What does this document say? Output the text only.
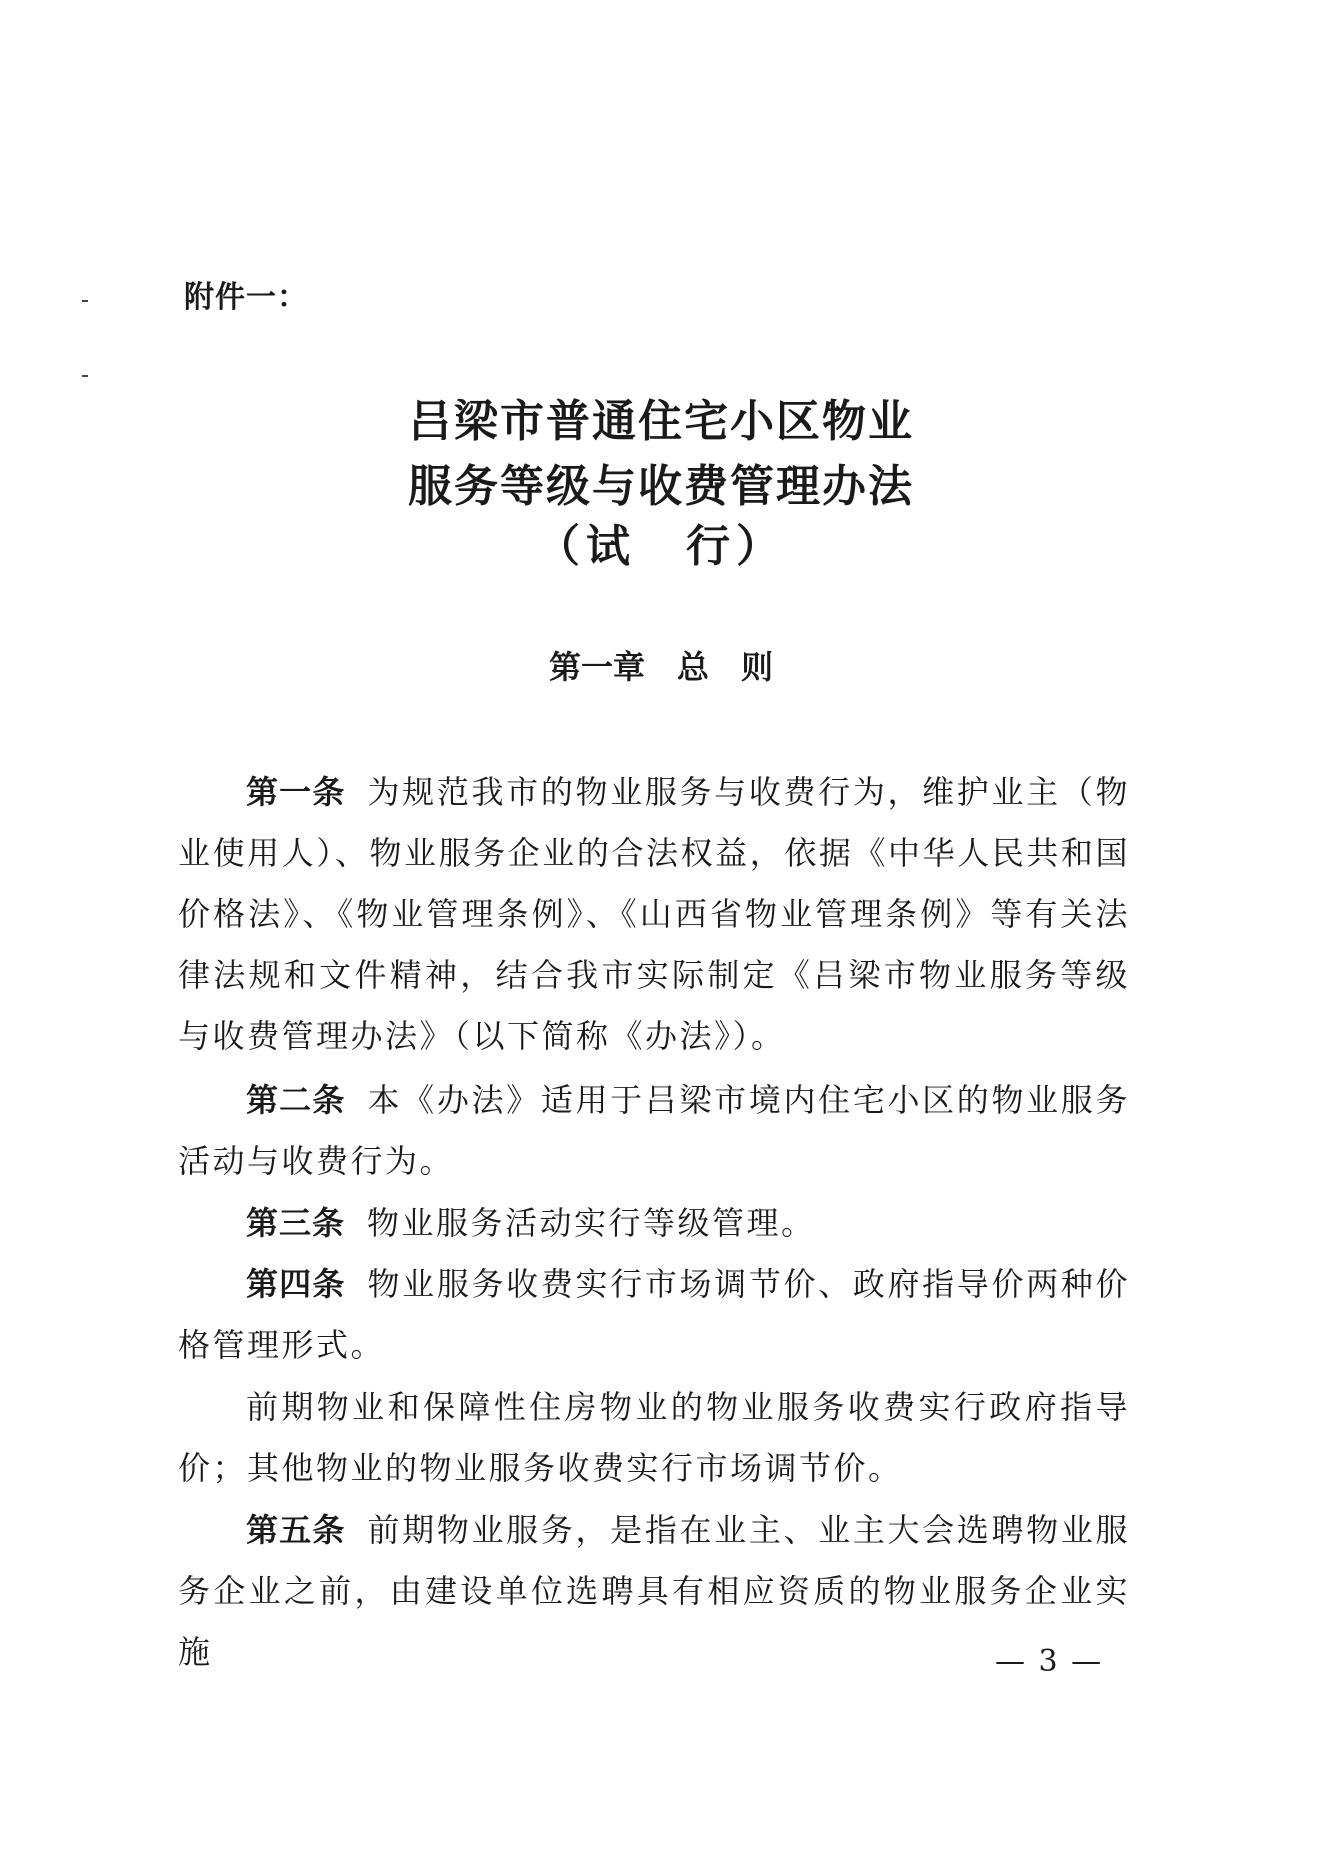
附件一：
吕梁市普通住宅小区物业
服务等级与收费管理办法
（试　行）
第一章　总　则

第一条 为规范我市的物业服务与收费行为，维护业主（物业使用人）、物业服务企业的合法权益，依据《中华人民共和国价格法》、《物业管理条例》、《山西省物业管理条例》等有关法律法规和文件精神，结合我市实际制定《吕梁市物业服务等级与收费管理办法》（以下简称《办法》）。

第二条 本《办法》适用于吕梁市境内住宅小区的物业服务活动与收费行为。

第三条 物业服务活动实行等级管理。

第四条 物业服务收费实行市场调节价、政府指导价两种价格管理形式。

前期物业和保障性住房物业的物业服务收费实行政府指导价；其他物业的物业服务收费实行市场调节价。

第五条 前期物业服务，是指在业主、业主大会选聘物业服务企业之前，由建设单位选聘具有相应资质的物业服务企业实施	— 3 —
